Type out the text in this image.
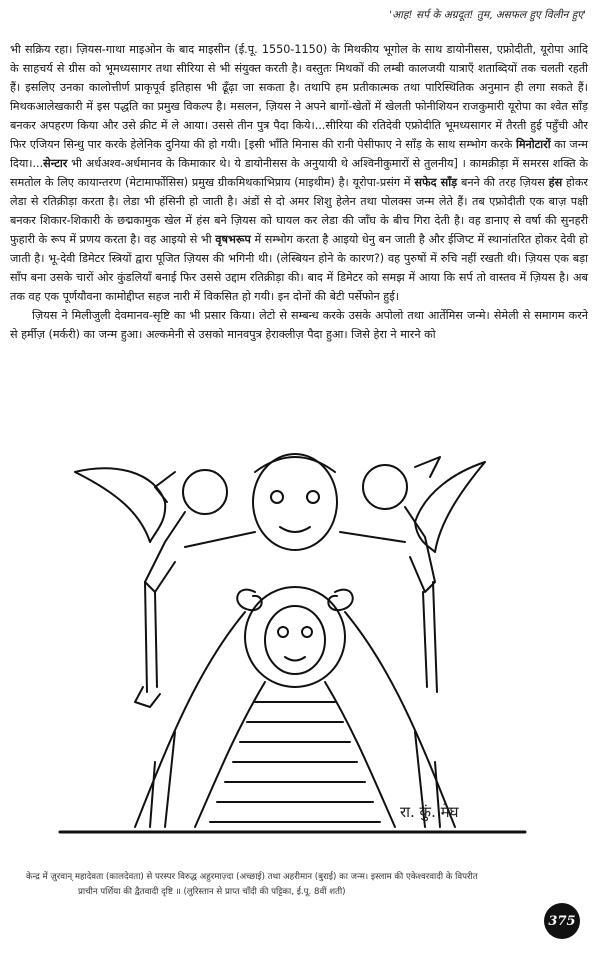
'आह! सर्प के अग्रदूत! तुम, असफल हुए विलीन हुए'

भी सक्रिय रहा। ज़ियस-गाथा माइओन के बाद माइसीन (ई.पू. 1550-1150) के मिथकीय भूगोल के साथ डायोनीसस, एफ्रोदीती, यूरोपा आदि के साहचर्य से ग्रीस को भूमध्यसागर तथा सीरिया से भी संयुक्त करती है। वस्तुतः मिथकों की लम्बी कालजयी यात्राएँ शताब्दियों तक चलती रहती हैं। इसलिए उनका कालोत्तीर्ण प्राकृपूर्व इतिहास भी ढूँढ़ा जा सकता है। तथापि हम प्रतीकात्मक तथा पारिस्थितिक अनुमान ही लगा सकते हैं। मिथकआलेखकारी में इस पद्धति का प्रमुख विकल्प है। मसलन, ज़ियस ने अपने बागों-खेतों में खेलती फोनीशियन राजकुमारी यूरोपा का श्वेत साँड़ बनकर अपहरण किया और उसे क्रीट में ले आया। उससे तीन पुत्र पैदा किये।...सीरिया की रतिदेवी एफ्रोदीति भूमध्यसागर में तैरती हुई पहुँची और फिर एजियन सिन्धु पार करके हेलेनिक दुनिया की हो गयी। [इसी भाँति मिनास की रानी पेसीफाए ने साँड़ के साथ सम्भोग करके मिनोटारों का जन्म दिया।...सेन्टार भी अर्धअश्व-अर्धमानव के किमाकार थे। ये डायोनीसस के अनुयायी थे अश्विनीकुमारों से तुलनीय] । कामक्रीड़ा में समरस शक्ति के समतोल के लिए कायान्तरण (मेटामार्फोसिस) प्रमुख ग्रीकमिथकाभिप्राय (माइथीम) है। यूरोपा-प्रसंग में सफेद साँड़ बनने की तरह ज़ियस हंस होकर लेडा से रतिक्रीड़ा करता है। लेडा भी हंसिनी हो जाती है। अंडों से दो अमर शिशु हेलेन तथा पोलक्स जन्म लेते हैं। तब एफ्रोदीती एक बाज़ पक्षी बनकर शिकार-शिकारी के छद्मकामुक खेल में हंस बने ज़ियस को घायल कर लेडा की जाँघ के बीच गिरा देती है। वह डानाए से वर्षा की सुनहरी फुहारी के रूप में प्रणय करता है। वह आइयो से भी वृषभरूप में सम्भोग करता है आइयो धेनु बन जाती है और ईजिप्ट में स्थानांतरित होकर देवी हो जाती है। भू-देवी डिमेटर स्त्रियों द्वारा पूजित ज़ियस की भगिनी थी। (लेस्बियन होने के कारण?) वह पुरुषों में रुचि नहीं रखती थी। ज़ियस एक बड़ा साँप बना उसके चारों ओर कुंडलियाँ बनाई फिर उससे उद्दाम रतिक्रीड़ा की। बाद में डिमेटर को समझ में आया कि सर्प तो वास्तव में ज़ियस है। अब तक वह एक पूर्णयौवना कामोद्दीप्त सहज नारी में विकसित हो गयी। इन दोनों की बेटी पर्सेफोन हुई।

ज़ियस ने मिलीजुली देवमानव-सृष्टि का भी प्रसार किया। लेटो से सम्बन्ध करके उसके अपोलो तथा आर्तेमिस जन्मे। सेमेली से समागम करने से हर्मीज़ (मर्करी) का जन्म हुआ। अल्कमेनी से उसको मानवपुत्र हेराक्लीज़ पैदा हुआ। जिसे हेरा ने मारने को

रा. कुं. मेघ
केन्द्र में ज़ुरवान् महादेवता (कालदेवता) से परस्पर विरुद्ध अहुरमाज़्दा (अच्छाई) तथा अहरीमान (बुराई) का जन्म। इस्लाम की एकेश्वरवादी के विपरीत
प्राचीन पर्शिया की द्वैतवादी दृष्टि ॥ (लुरिस्तान से प्राप्त चाँदी की पट्टिका, ई.पू. 8वीं शती)
375
